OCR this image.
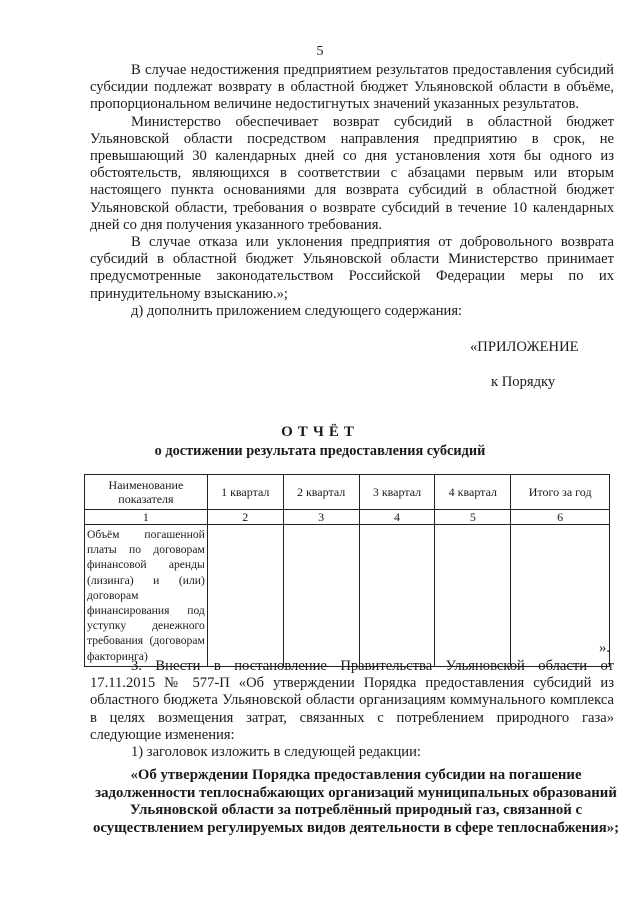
5

В случае недостижения предприятием результатов предоставления субсидий субсидии подлежат возврату в областной бюджет Ульяновской области в объёме, пропорциональном величине недостигнутых значений указанных результатов.

Министерство обеспечивает возврат субсидий в областной бюджет Ульяновской области посредством направления предприятию в срок, не превышающий 30 календарных дней со дня установления хотя бы одного из обстоятельств, являющихся в соответствии с абзацами первым или вторым настоящего пункта основаниями для возврата субсидий в областной бюджет Ульяновской области, требования о возврате субсидий в течение 10 календарных дней со дня получения указанного требования.

В случае отказа или уклонения предприятия от добровольного возврата субсидий в областной бюджет Ульяновской области Министерство принимает предусмотренные законодательством Российской Федерации меры по их принудительному взысканию.»;

д) дополнить приложением следующего содержания:

«ПРИЛОЖЕНИЕ
к Порядку
ОТЧЁТ
о достижении результата предоставления субсидий
Наименование показателя	1 квартал	2 квартал	3 квартал	4 квартал	Итого за год
1	2	3	4	5	6
Объём погашенной платы по договорам финансовой аренды (лизинга) и (или) договорам финансирования под уступку денежного требования (договорам факторинга)					
».

3. Внести в постановление Правительства Ульяновской области от 17.11.2015 № 577-П «Об утверждении Порядка предоставления субсидий из областного бюджета Ульяновской области организациям коммунального комплекса в целях возмещения затрат, связанных с потреблением природного газа» следующие изменения:

1) заголовок изложить в следующей редакции:

«Об утверждении Порядка предоставления субсидии на погашение задолженности теплоснабжающих организаций муниципальных образований Ульяновской области за потреблённый природный газ, связанной с осуществлением регулируемых видов деятельности в сфере теплоснабжения»;
